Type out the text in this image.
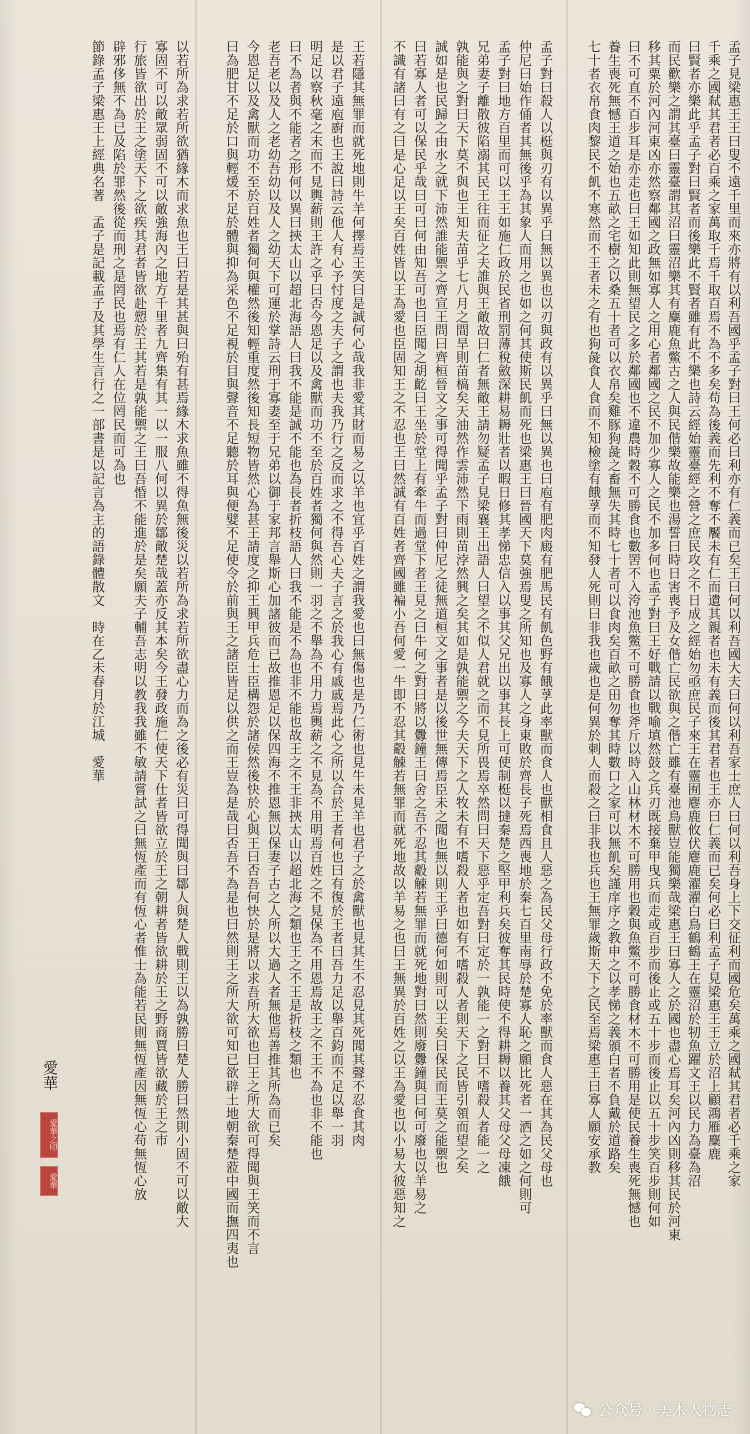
孟子見梁惠王王曰叟不遠千里而來亦將有以利吾國乎孟子對曰王何必曰利亦有仁義而已矣王曰何以利吾國大夫曰何以利吾家士庶人曰何以利吾身上下交征利而國危矣萬乘之國弒其君者必千乘之家
千乘之國弒其君者必百乘之家萬取千焉千取百焉不為不多矣苟為後義而先利不奪不饜未有仁而遺其親者也未有義而後其君者也王亦曰仁義而已矣何必曰利孟子見梁惠王王立於沼上顧鴻雁麋鹿
曰賢者亦樂此乎孟子對曰賢者而後樂此不賢者雖有此不樂也詩云經始靈臺經之營之庶民攻之不日成之經始勿亟庶民子來王在靈囿麀鹿攸伏麀鹿濯濯白鳥鶴鶴王在靈沼於牣魚躍文王以民力為臺為沼
而民歡樂之謂其臺曰靈臺謂其沼曰靈沼樂其有麋鹿魚鱉古之人與民偕樂故能樂也湯誓曰時日害喪予及女偕亡民欲與之偕亡雖有臺池鳥獸豈能獨樂哉梁惠王曰寡人之於國也盡心焉耳矣河內凶則移其民於河東
移其粟於河內河東凶亦然察鄰國之政無如寡人之用心者鄰國之民不加少寡人之民不加多何也孟子對曰王好戰請以戰喻填然鼓之兵刃既接棄甲曳兵而走或百步而後止或五十步而後止以五十步笑百步則何如
曰不可直不百步耳是亦走也曰王如知此則無望民之多於鄰國也不違農時穀不可勝食也數罟不入洿池魚鱉不可勝食也斧斤以時入山林材木不可勝用也穀與魚鱉不可勝食材木不可勝用是使民養生喪死無憾也
養生喪死無憾王道之始也五畝之宅樹之以桑五十者可以衣帛矣雞豚狗彘之畜無失其時七十者可以食肉矣百畝之田勿奪其時數口之家可以無飢矣謹庠序之教申之以孝悌之義頒白者不負戴於道路矣
七十者衣帛食肉黎民不飢不寒然而不王者未之有也狗彘食人食而不知檢塗有餓莩而不知發人死則曰非我也歲也是何異於刺人而殺之曰非我也兵也王無罪歲斯天下之民至焉梁惠王曰寡人願安承教
孟子對曰殺人以梃與刃有以異乎曰無以異也以刃與政有以異乎曰無以異也曰庖有肥肉廄有肥馬民有飢色野有餓莩此率獸而食人也獸相食且人惡之為民父母行政不免於率獸而食人惡在其為民父母也
仲尼曰始作俑者其無後乎為其象人而用之也如之何其使斯民飢而死也梁惠王曰晉國天下莫強焉叟之所知也及寡人之身東敗於齊長子死焉西喪地於秦七百里南辱於楚寡人恥之願比死者一洒之如之何則可
孟子對曰地方百里而可以王王如施仁政於民省刑罰薄稅斂深耕易耨壯者以暇日修其孝悌忠信入以事其父兄出以事其長上可使制梃以撻秦楚之堅甲利兵矣彼奪其民時使不得耕耨以養其父母父母凍餓
兄弟妻子離散彼陷溺其民王往而征之夫誰與王敵故曰仁者無敵王請勿疑孟子見梁襄王出語人曰望之不似人君就之而不見所畏焉卒然問曰天下惡乎定吾對曰定於一孰能一之對曰不嗜殺人者能一之
孰能與之對曰天下莫不與也王知夫苗乎七八月之間旱則苗槁矣天油然作雲沛然下雨則苗浡然興之矣其如是孰能禦之今夫天下之人牧未有不嗜殺人者也如有不嗜殺人者則天下之民皆引領而望之矣
誠如是也民歸之由水之就下沛然誰能禦之齊宣王問曰齊桓晉文之事可得聞乎孟子對曰仲尼之徒無道桓文之事者是以後世無傳焉臣未之聞也無以則王乎曰德何如則可以王矣曰保民而王莫之能禦也
曰若寡人者可以保民乎哉曰可曰何由知吾可也曰臣聞之胡齕曰王坐於堂上有牽牛而過堂下者王見之曰牛何之對曰將以釁鐘王曰舍之吾不忍其觳觫若無罪而就死地對曰然則廢釁鐘與曰何可廢也以羊易之
不識有諸曰有之曰是心足以王矣百姓皆以王為愛也臣固知王之不忍也王曰然誠有百姓者齊國雖褊小吾何愛一牛即不忍其觳觫若無罪而就死地故以羊易之也曰王無異於百姓之以王為愛也以小易大彼惡知之
王若隱其無罪而就死地則牛羊何擇焉王笑曰是誠何心哉我非愛其財而易之以羊也宜乎百姓之謂我愛也曰無傷也是乃仁術也見牛未見羊也君子之於禽獸也見其生不忍見其死聞其聲不忍食其肉
是以君子遠庖廚也王說曰詩云他人有心予忖度之夫子之謂也夫我乃行之反而求之不得吾心夫子言之於我心有戚戚焉此心之所以合於王者何也曰有復於王者曰吾力足以舉百鈞而不足以舉一羽
明足以察秋毫之末而不見輿薪則王許之乎曰否今恩足以及禽獸而功不至於百姓者獨何與然則一羽之不舉為不用力焉輿薪之不見為不用明焉百姓之不見保為不用恩焉故王之不王不為也非不能也
曰不為者與不能者之形何以異曰挾太山以超北海語人曰我不能是誠不能也為長者折枝語人曰我不能是不為也非不能也故王之不王非挾太山以超北海之類也王之不王是折枝之類也
老吾老以及人之老幼吾幼以及人之幼天下可運於掌詩云刑于寡妻至于兄弟以御于家邦言舉斯心加諸彼而已故推恩足以保四海不推恩無以保妻子古之人所以大過人者無他焉善推其所為而已矣
今恩足以及禽獸而功不至於百姓者獨何與權然後知輕重度然後知長短物皆然心為甚王請度之抑王興甲兵危士臣構怨於諸侯然後快於心與王曰否吾何快於是將以求吾所大欲也曰王之所大欲可得聞與王笑而不言
曰為肥甘不足於口與輕煖不足於體與抑為采色不足視於目與聲音不足聽於耳與便嬖不足使令於前與王之諸臣皆足以供之而王豈為是哉曰否吾不為是也曰然則王之所大欲可知已欲辟土地朝秦楚蒞中國而撫四夷也
以若所為求若所欲猶緣木而求魚也王曰若是其甚與曰殆有甚焉緣木求魚雖不得魚無後災以若所為求若所欲盡心力而為之後必有災曰可得聞與曰鄒人與楚人戰則王以為孰勝曰楚人勝曰然則小固不可以敵大
寡固不可以敵眾弱固不可以敵強海內之地方千里者九齊集有其一以一服八何以異於鄒敵楚哉蓋亦反其本矣今王發政施仁使天下仕者皆欲立於王之朝耕者皆欲耕於王之野商賈皆欲藏於王之市
行旅皆欲出於王之塗天下之欲疾其君者皆欲赴愬於王其若是孰能禦之王曰吾惛不能進於是矣願夫子輔吾志明以教我我雖不敏請嘗試之曰無恆產而有恆心者惟士為能若民則無恆產因無恆心苟無恆心放
辟邪侈無不為已及陷於罪然後從而刑之是罔民也焉有仁人在位罔民而可為也
節錄孟子梁惠王上經典名著　孟子是記載孟子及其學生言行之一部書是以記言為主的語錄體散文　時在乙未春月於江城　愛華
愛華
愛華之印
愛華
公众号 · 美术人物志
